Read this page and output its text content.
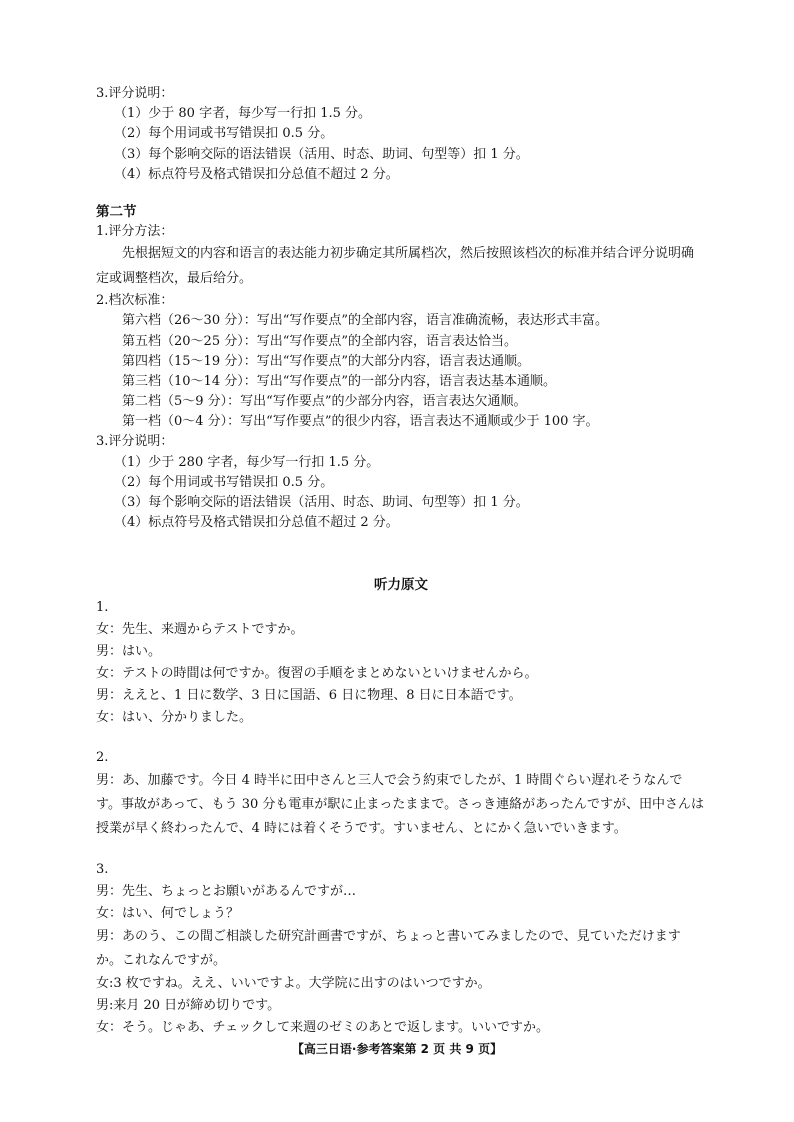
3.评分说明：
（1）少于 80 字者，每少写一行扣 1.5 分。
（2）每个用词或书写错误扣 0.5 分。
（3）每个影响交际的语法错误（活用、时态、助词、句型等）扣 1 分。
（4）标点符号及格式错误扣分总值不超过 2 分。
第二节
1.评分方法：
先根据短文的内容和语言的表达能力初步确定其所属档次，然后按照该档次的标准并结合评分说明确定或调整档次，最后给分。
2.档次标准：
第六档（26～30 分）：写出“写作要点”的全部内容，语言准确流畅，表达形式丰富。
第五档（20～25 分）：写出“写作要点”的全部内容，语言表达恰当。
第四档（15～19 分）：写出“写作要点”的大部分内容，语言表达通顺。
第三档（10～14 分）：写出“写作要点”的一部分内容，语言表达基本通顺。
第二档（5～9 分）：写出“写作要点”的少部分内容，语言表达欠通顺。
第一档（0～4 分）：写出“写作要点”的很少内容，语言表达不通顺或少于 100 字。
3.评分说明：
（1）少于 280 字者，每少写一行扣 1.5 分。
（2）每个用词或书写错误扣 0.5 分。
（3）每个影响交际的语法错误（活用、时态、助词、句型等）扣 1 分。
（4）标点符号及格式错误扣分总值不超过 2 分。
听力原文
1.
女：先生、来週からテストですか。
男：はい。
女：テストの時間は何ですか。復習の手順をまとめないといけませんから。
男：ええと、1 日に数学、3 日に国語、6 日に物理、8 日に日本語です。
女：はい、分かりました。
2.
男：あ、加藤です。今日 4 時半に田中さんと三人で会う約束でしたが、1 時間ぐらい遅れそうなんです。事故があって、もう 30 分も電車が駅に止まったままで。さっき連絡があったんですが、田中さんは授業が早く終わったんで、4 時には着くそうです。すいません、とにかく急いでいきます。
3.
男：先生、ちょっとお願いがあるんですが…
女：はい、何でしょう？
男：あのう、この間ご相談した研究計画書ですが、ちょっと書いてみましたので、見ていただけますか。これなんですが。
女:3 枚ですね。ええ、いいですよ。大学院に出すのはいつですか。
男:来月 20 日が締め切りです。
女：そう。じゃあ、チェックして来週のゼミのあとで返します。いいですか。
【高三日语·参考答案第 2 页 共 9 页】
